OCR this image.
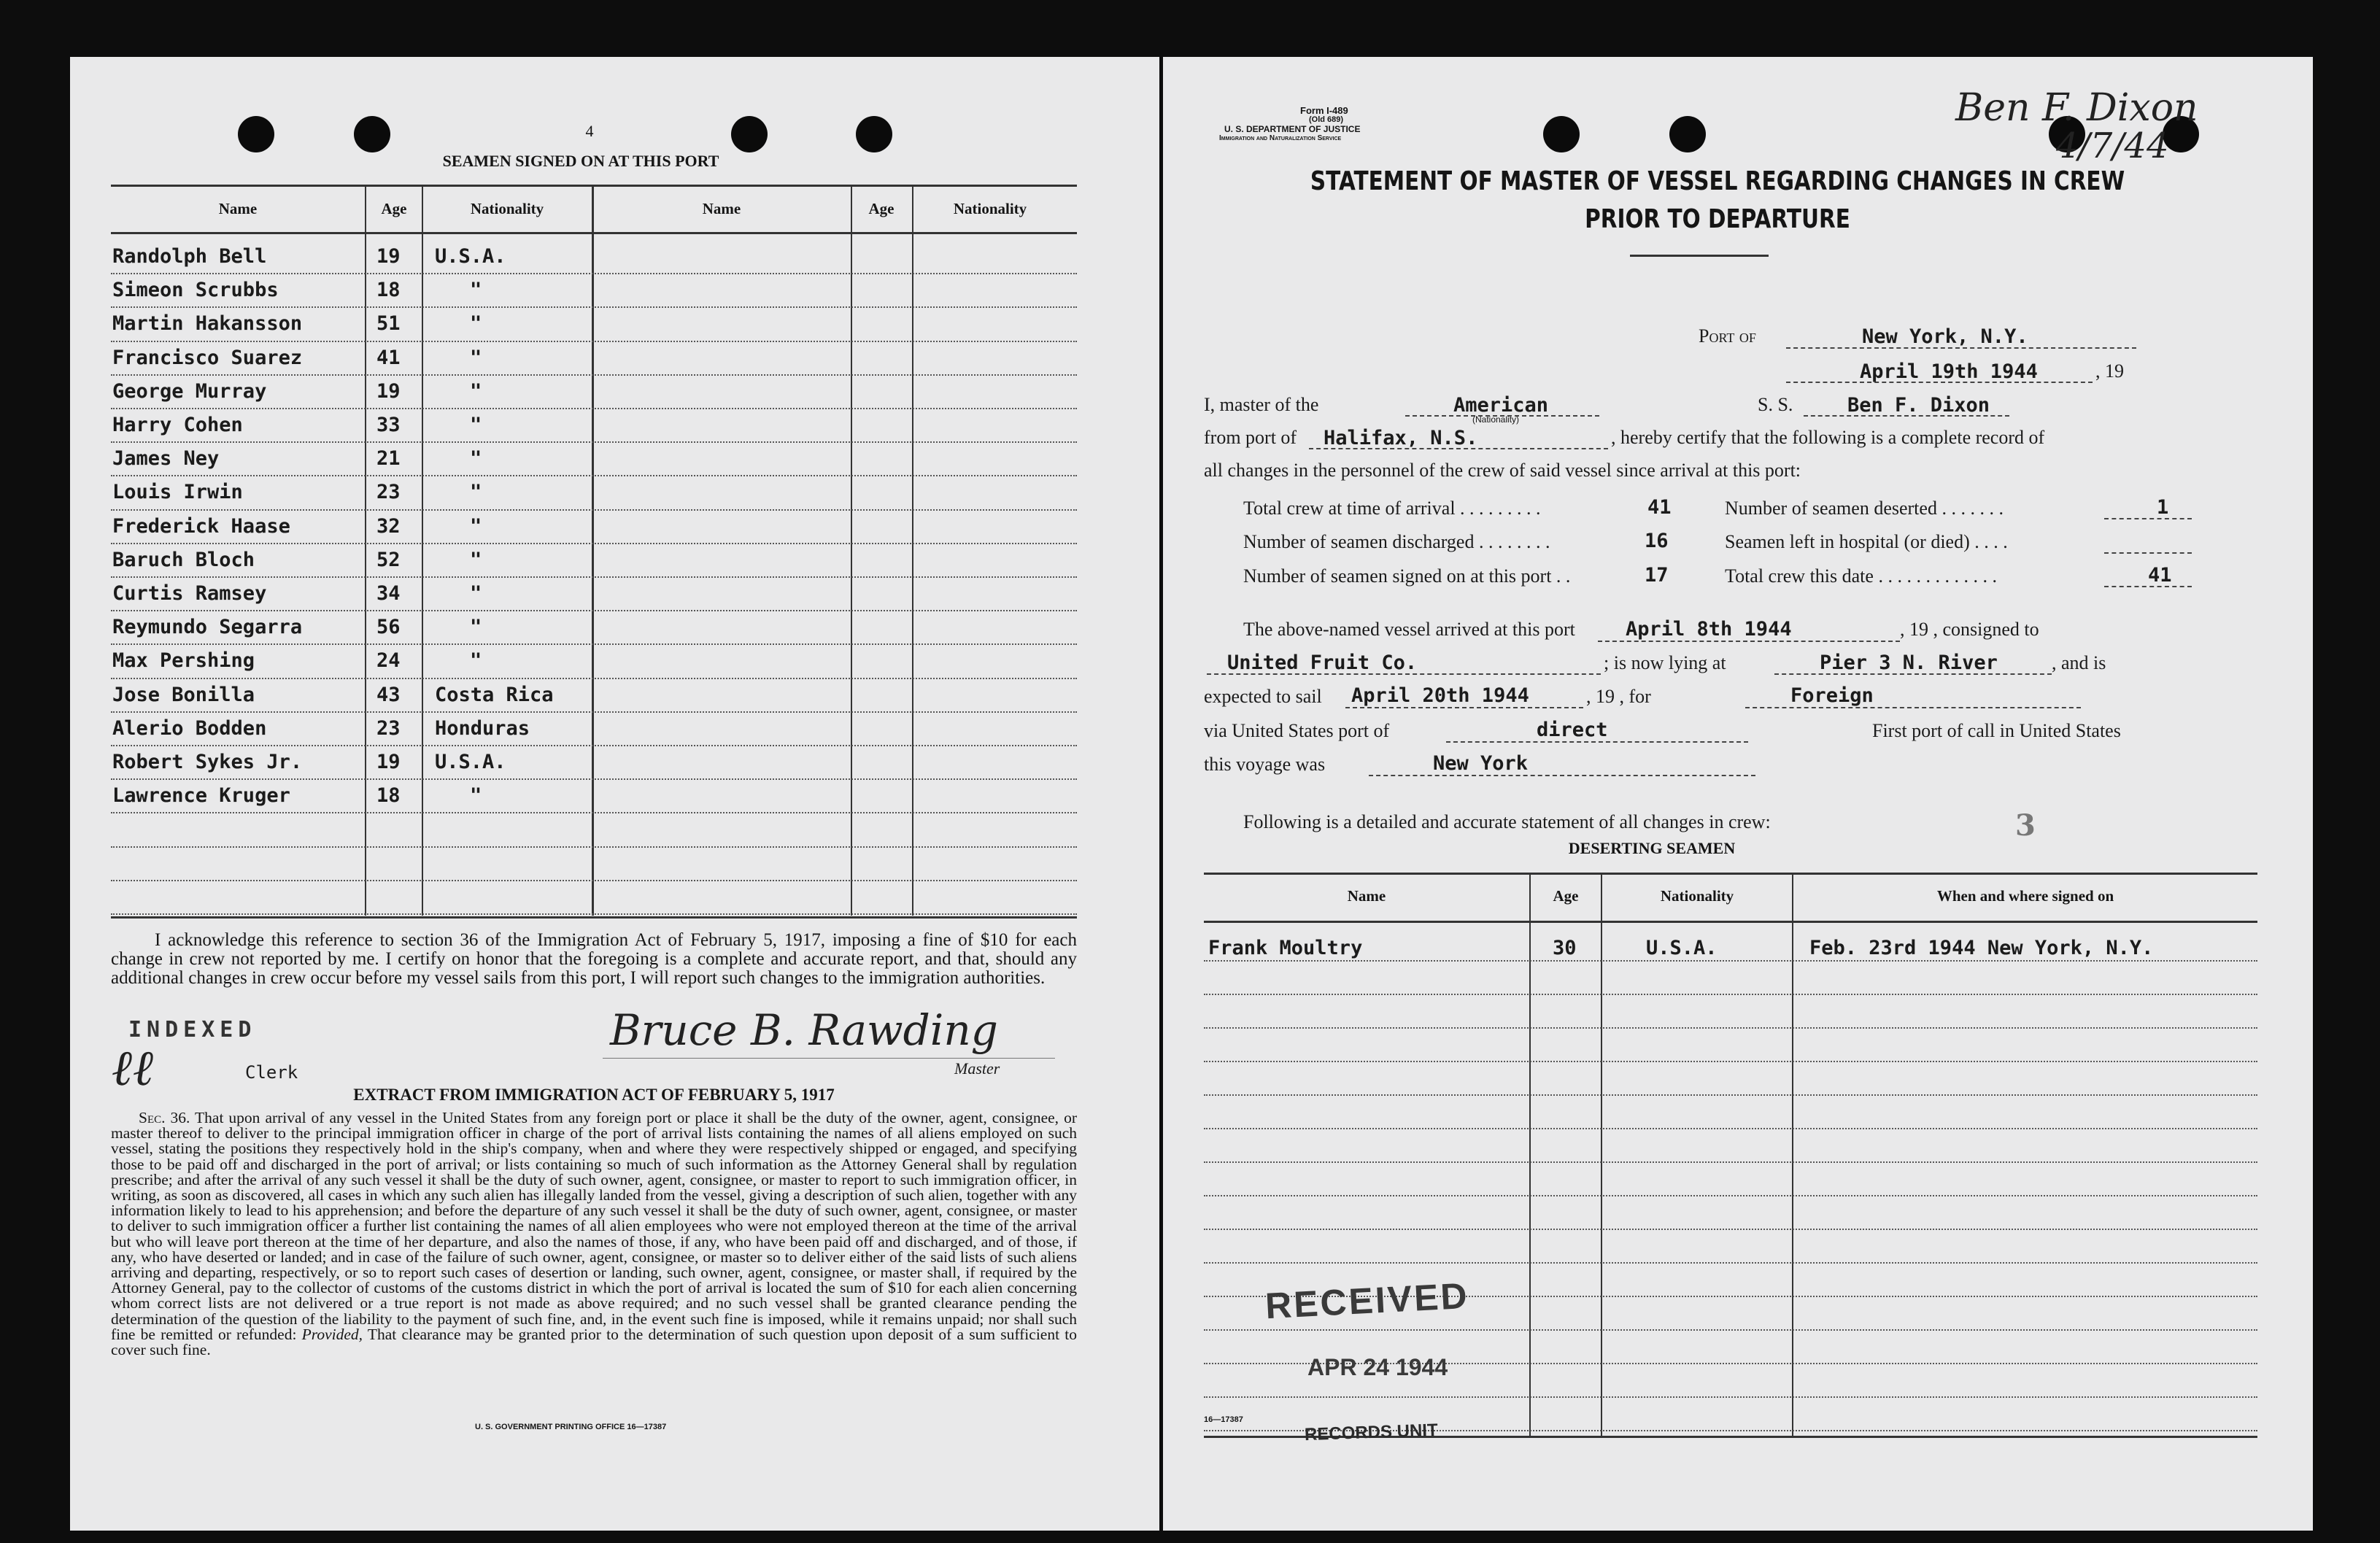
4
SEAMEN SIGNED ON AT THIS PORT
Name	Age	Nationality	Name	Age	Nationality
Randolph Bell	19 U.S.A.
Simeon Scrubbs	18	"
Martin Hakansson	51	"
Francisco Suarez	41	"
George Murray	19	"
Harry Cohen	33	"
James Ney	21	"
Louis Irwin	23	"
Frederick Haase	32	"
Baruch Bloch	52	"
Curtis Ramsey	34	"
Reymundo Segarra	56	"
Max Pershing	24	"
Jose Bonilla	43 Costa Rica
Alerio Bodden	23 Honduras
Robert Sykes Jr.	19 U.S.A.
Lawrence Kruger	18	"
I acknowledge this reference to section 36 of the Immigration Act of February 5, 1917, imposing a fine of $10 for each change in crew not reported by me. I certify on honor that the foregoing is a complete and accurate report, and that, should any additional changes in crew occur before my vessel sails from this port, I will report such changes to the immigration authorities.
INDEXED
ℓℓ	Clerk
Bruce B. Rawding
Master
EXTRACT FROM IMMIGRATION ACT OF FEBRUARY 5, 1917
Sec. 36. That upon arrival of any vessel in the United States from any foreign port or place it shall be the duty of the owner, agent, consignee, or master thereof to deliver to the principal immigration officer in charge of the port of arrival lists containing the names of all aliens employed on such vessel, stating the positions they respectively hold in the ship's company, when and where they were respectively shipped or engaged, and specifying those to be paid off and discharged in the port of arrival; or lists containing so much of such information as the Attorney General shall by regulation prescribe; and after the arrival of any such vessel it shall be the duty of such owner, agent, consignee, or master to report to such immigration officer, in writing, as soon as discovered, all cases in which any such alien has illegally landed from the vessel, giving a description of such alien, together with any information likely to lead to his apprehension; and before the departure of any such vessel it shall be the duty of such owner, agent, consignee, or master to deliver to such immigration officer a further list containing the names of all alien employees who were not employed thereon at the time of the arrival but who will leave port thereon at the time of her departure, and also the names of those, if any, who have been paid off and discharged, and of those, if any, who have deserted or landed; and in case of the failure of such owner, agent, consignee, or master so to deliver either of the said lists of such aliens arriving and departing, respectively, or so to report such cases of desertion or landing, such owner, agent, consignee, or master shall, if required by the Attorney General, pay to the collector of customs of the customs district in which the port of arrival is located the sum of $10 for each alien concerning whom correct lists are not delivered or a true report is not made as above required; and no such vessel shall be granted clearance pending the determination of the question of the liability to the payment of such fine, and, in the event such fine is imposed, while it remains unpaid; nor shall such fine be remitted or refunded: Provided, That clearance may be granted prior to the determination of such question upon deposit of a sum sufficient to cover such fine.
U. S. GOVERNMENT PRINTING OFFICE 16—17387
Form I-489
(Old 689)
U. S. DEPARTMENT OF JUSTICE
Immigration and Naturalization Service
Ben F. Dixon
4/7/44
STATEMENT OF MASTER OF VESSEL REGARDING CHANGES IN CREW
PRIOR TO DEPARTURE
Port of	New York, N.Y.
April 19th 1944	, 19
I, master of the	American
(Nationality)
S. S.	Ben F. Dixon
from port of Halifax, N.S.	, hereby certify that the following is a complete record of
all changes in the personnel of the crew of said vessel since arrival at this port:
Total crew at time of arrival . . . . . . . . .	41	Number of seamen deserted . . . . . . .	1
Number of seamen discharged . . . . . . . .	16	Seamen left in hospital (or died) . . . .
Number of seamen signed on at this port . .	17	Total crew this date . . . . . . . . . . . . .	41
The above-named vessel arrived at this port	April 8th 1944	, 19 , consigned to
United Fruit Co.	; is now lying at	Pier 3 N. River	, and is
expected to sail April 20th 1944	, 19 , for	Foreign
via United States port of	direct	First port of call in United States
this voyage was	New York
Following is a detailed and accurate statement of all changes in crew:	3
DESERTING SEAMEN
Name	Age	Nationality	When and where signed on
Frank Moultry	30	U.S.A.	Feb. 23rd 1944 New York, N.Y.
RECEIVED
APR 24 1944
RECORDS UNIT
16—17387
